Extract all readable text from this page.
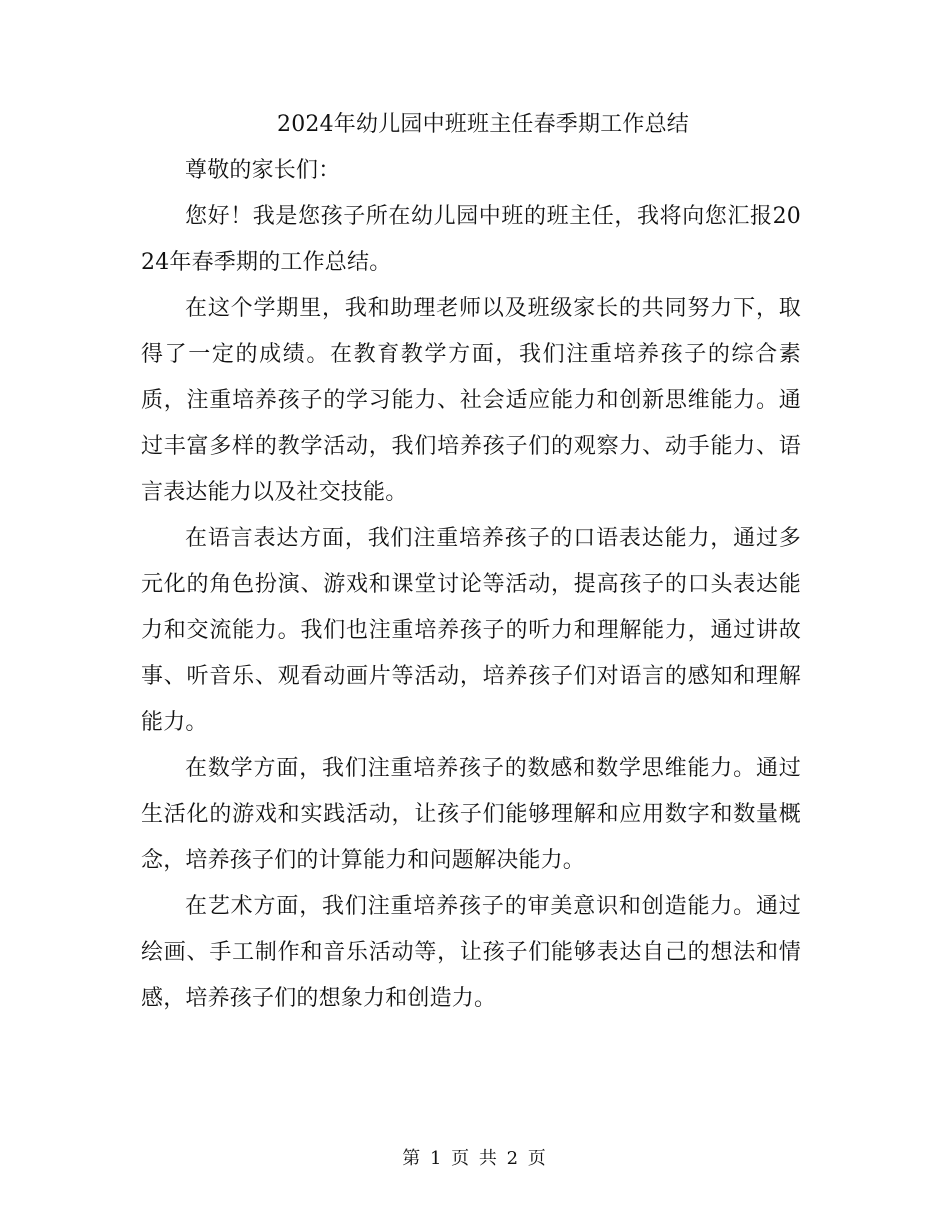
2024年幼儿园中班班主任春季期工作总结

尊敬的家长们：

您好！我是您孩子所在幼儿园中班的班主任，我将向您汇报2024年春季期的工作总结。

在这个学期里，我和助理老师以及班级家长的共同努力下，取得了一定的成绩。在教育教学方面，我们注重培养孩子的综合素质，注重培养孩子的学习能力、社会适应能力和创新思维能力。通过丰富多样的教学活动，我们培养孩子们的观察力、动手能力、语言表达能力以及社交技能。

在语言表达方面，我们注重培养孩子的口语表达能力，通过多元化的角色扮演、游戏和课堂讨论等活动，提高孩子的口头表达能力和交流能力。我们也注重培养孩子的听力和理解能力，通过讲故事、听音乐、观看动画片等活动，培养孩子们对语言的感知和理解能力。

在数学方面，我们注重培养孩子的数感和数学思维能力。通过生活化的游戏和实践活动，让孩子们能够理解和应用数字和数量概念，培养孩子们的计算能力和问题解决能力。

在艺术方面，我们注重培养孩子的审美意识和创造能力。通过绘画、手工制作和音乐活动等，让孩子们能够表达自己的想法和情感，培养孩子们的想象力和创造力。

第 1 页 共 2 页
